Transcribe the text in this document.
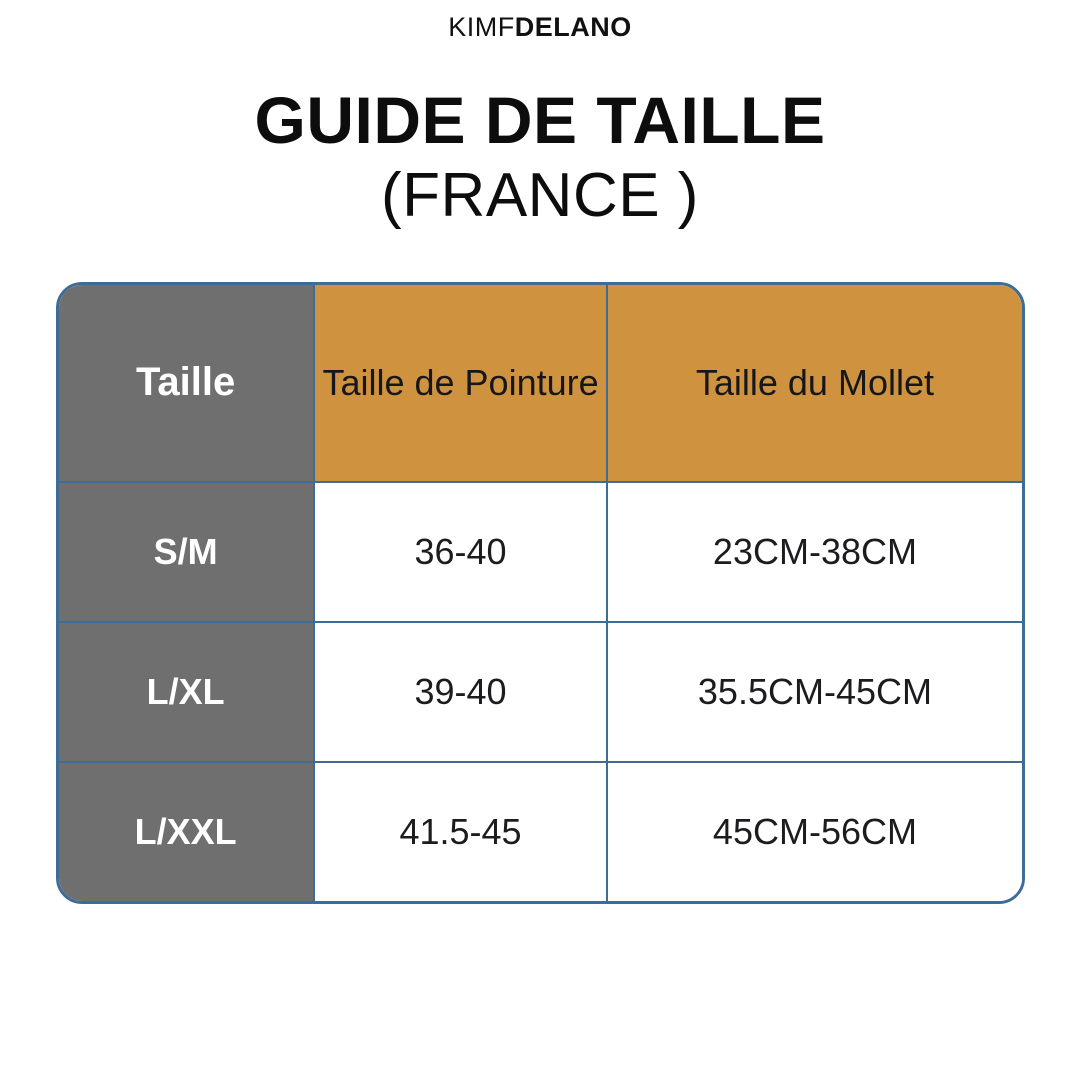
KIMFDELANO
GUIDE DE TAILLE
(FRANCE )
Taille	Taille de Pointure	Taille du Mollet
S/M	36-40	23CM-38CM
L/XL	39-40	35.5CM-45CM
L/XXL	41.5-45	45CM-56CM
